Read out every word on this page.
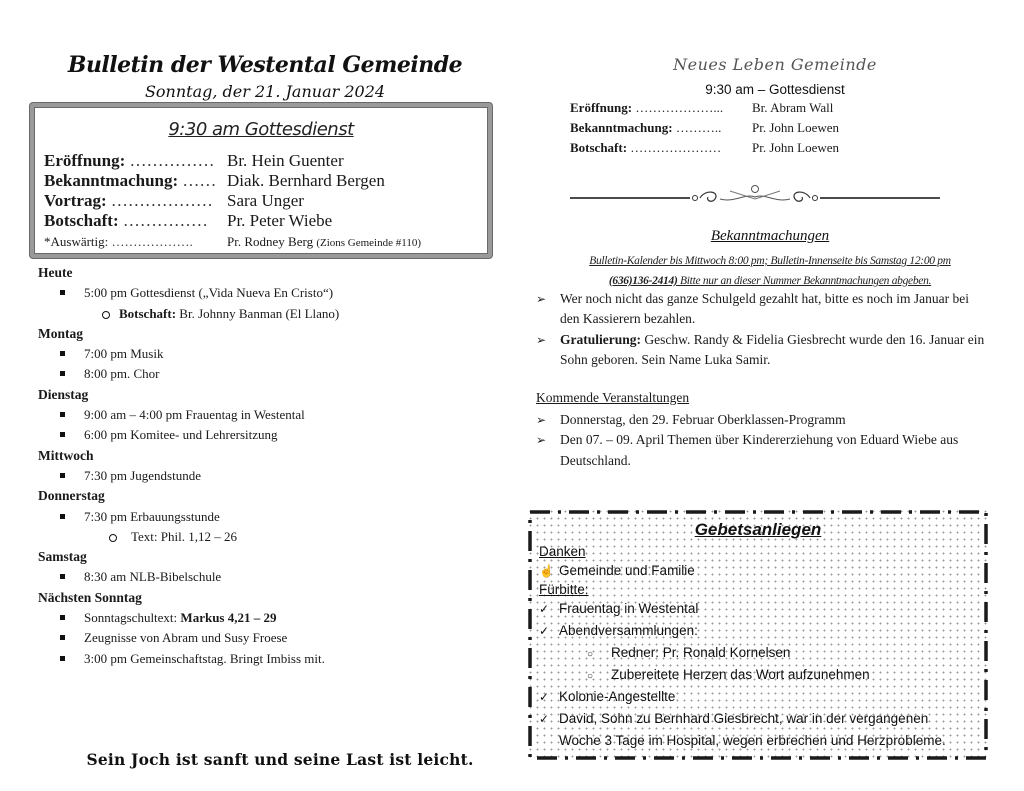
Bulletin der Westental Gemeinde
Sonntag, der 21. Januar 2024
9:30 am Gottesdienst
Eröffnung: …………… Br. Hein Guenter
Bekanntmachung: …… Diak. Bernhard Bergen
Vortrag: ……………… Sara Unger
Botschaft: …………… Pr. Peter Wiebe
*Auswärtig: ……………….	Pr. Rodney Berg (Zions Gemeinde #110)
Heute
5:00 pm Gottesdienst („Vida Nueva En Cristo“)
Botschaft: Br. Johnny Banman (El Llano)
Montag
7:00 pm Musik
8:00 pm. Chor
Dienstag
9:00 am – 4:00 pm Frauentag in Westental
6:00 pm Komitee- und Lehrersitzung
Mittwoch
7:30 pm Jugendstunde
Donnerstag
7:30 pm Erbauungsstunde
Text: Phil. 1,12 – 26
Samstag
8:30 am NLB-Bibelschule
Nächsten Sonntag
Sonntagschultext: Markus 4,21 – 29
Zeugnisse von Abram und Susy Froese
3:00 pm Gemeinschaftstag. Bringt Imbiss mit.
Sein Joch ist sanft und seine Last ist leicht.
Neues Leben Gemeinde
9:30 am – Gottesdienst
Eröffnung: ………………... Br. Abram Wall
Bekanntmachung: ……….. Pr. John Loewen
Botschaft: ………………… Pr. John Loewen
Bekanntmachungen
Bulletin-Kalender bis Mittwoch 8:00 pm; Bulletin-Innenseite bis Samstag 12:00 pm
(636)136-2414) Bitte nur an dieser Nummer Bekanntmachungen abgeben.
➢ Wer noch nicht das ganze Schulgeld gezahlt hat, bitte es noch im Januar bei den Kassierern bezahlen.
➢ Gratulierung: Geschw. Randy & Fidelia Giesbrecht wurde den 16. Januar ein Sohn geboren. Sein Name Luka Samir.
Kommende Veranstaltungen
➢ Donnerstag, den 29. Februar Oberklassen-Programm
➢ Den 07. – 09. April Themen über Kindererziehung von Eduard Wiebe aus Deutschland.
Gebetsanliegen
Danken
☝ Gemeinde und Familie
Fürbitte:
✓ Frauentag in Westental
✓ Abendversammlungen:
○ Redner: Pr. Ronald Kornelsen
○ Zubereitete Herzen das Wort aufzunehmen
✓ Kolonie-Angestellte
✓ David, Sohn zu Bernhard Giesbrecht, war in der vergangenen
Woche 3 Tage im Hospital, wegen erbrechen und Herzprobleme.
